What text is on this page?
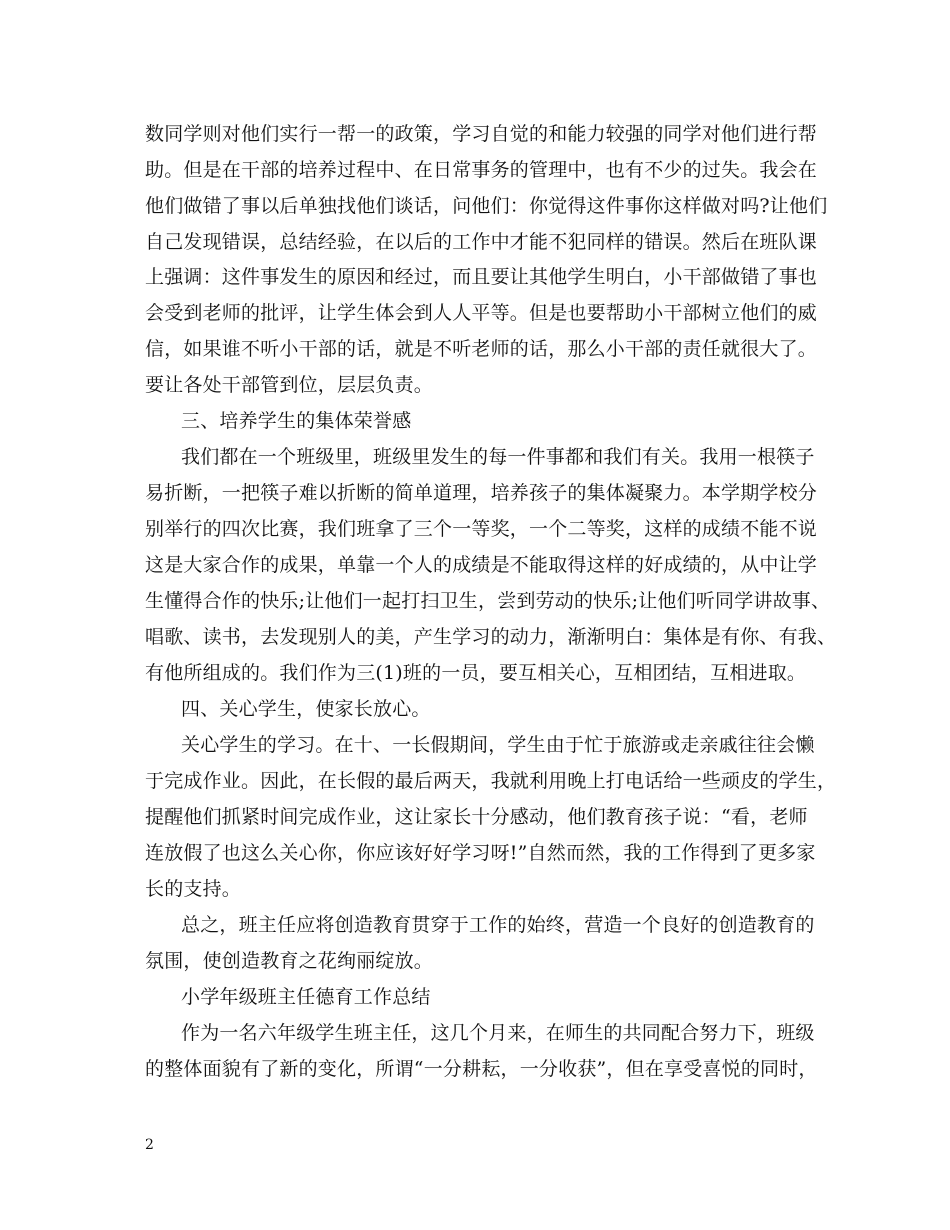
数同学则对他们实行一帮一的政策，学习自觉的和能力较强的同学对他们进行帮
助。但是在干部的培养过程中、在日常事务的管理中，也有不少的过失。我会在
他们做错了事以后单独找他们谈话，问他们：你觉得这件事你这样做对吗?让他们
自己发现错误，总结经验，在以后的工作中才能不犯同样的错误。然后在班队课
上强调：这件事发生的原因和经过，而且要让其他学生明白，小干部做错了事也
会受到老师的批评，让学生体会到人人平等。但是也要帮助小干部树立他们的威
信，如果谁不听小干部的话，就是不听老师的话，那么小干部的责任就很大了。
要让各处干部管到位，层层负责。
三、培养学生的集体荣誉感
我们都在一个班级里，班级里发生的每一件事都和我们有关。我用一根筷子
易折断，一把筷子难以折断的简单道理，培养孩子的集体凝聚力。本学期学校分
别举行的四次比赛，我们班拿了三个一等奖，一个二等奖，这样的成绩不能不说
这是大家合作的成果，单靠一个人的成绩是不能取得这样的好成绩的，从中让学
生懂得合作的快乐;让他们一起打扫卫生，尝到劳动的快乐;让他们听同学讲故事、
唱歌、读书，去发现别人的美，产生学习的动力，渐渐明白：集体是有你、有我、
有他所组成的。我们作为三(1)班的一员，要互相关心，互相团结，互相进取。
四、关心学生，使家长放心。
关心学生的学习。在十、一长假期间，学生由于忙于旅游或走亲戚往往会懒
于完成作业。因此，在长假的最后两天，我就利用晚上打电话给一些顽皮的学生，
提醒他们抓紧时间完成作业，这让家长十分感动，他们教育孩子说：“看，老师
连放假了也这么关心你，你应该好好学习呀!”自然而然，我的工作得到了更多家
长的支持。
总之，班主任应将创造教育贯穿于工作的始终，营造一个良好的创造教育的
氛围，使创造教育之花绚丽绽放。
小学年级班主任德育工作总结
作为一名六年级学生班主任，这几个月来，在师生的共同配合努力下，班级
的整体面貌有了新的变化，所谓“一分耕耘，一分收获”，但在享受喜悦的同时，
2
